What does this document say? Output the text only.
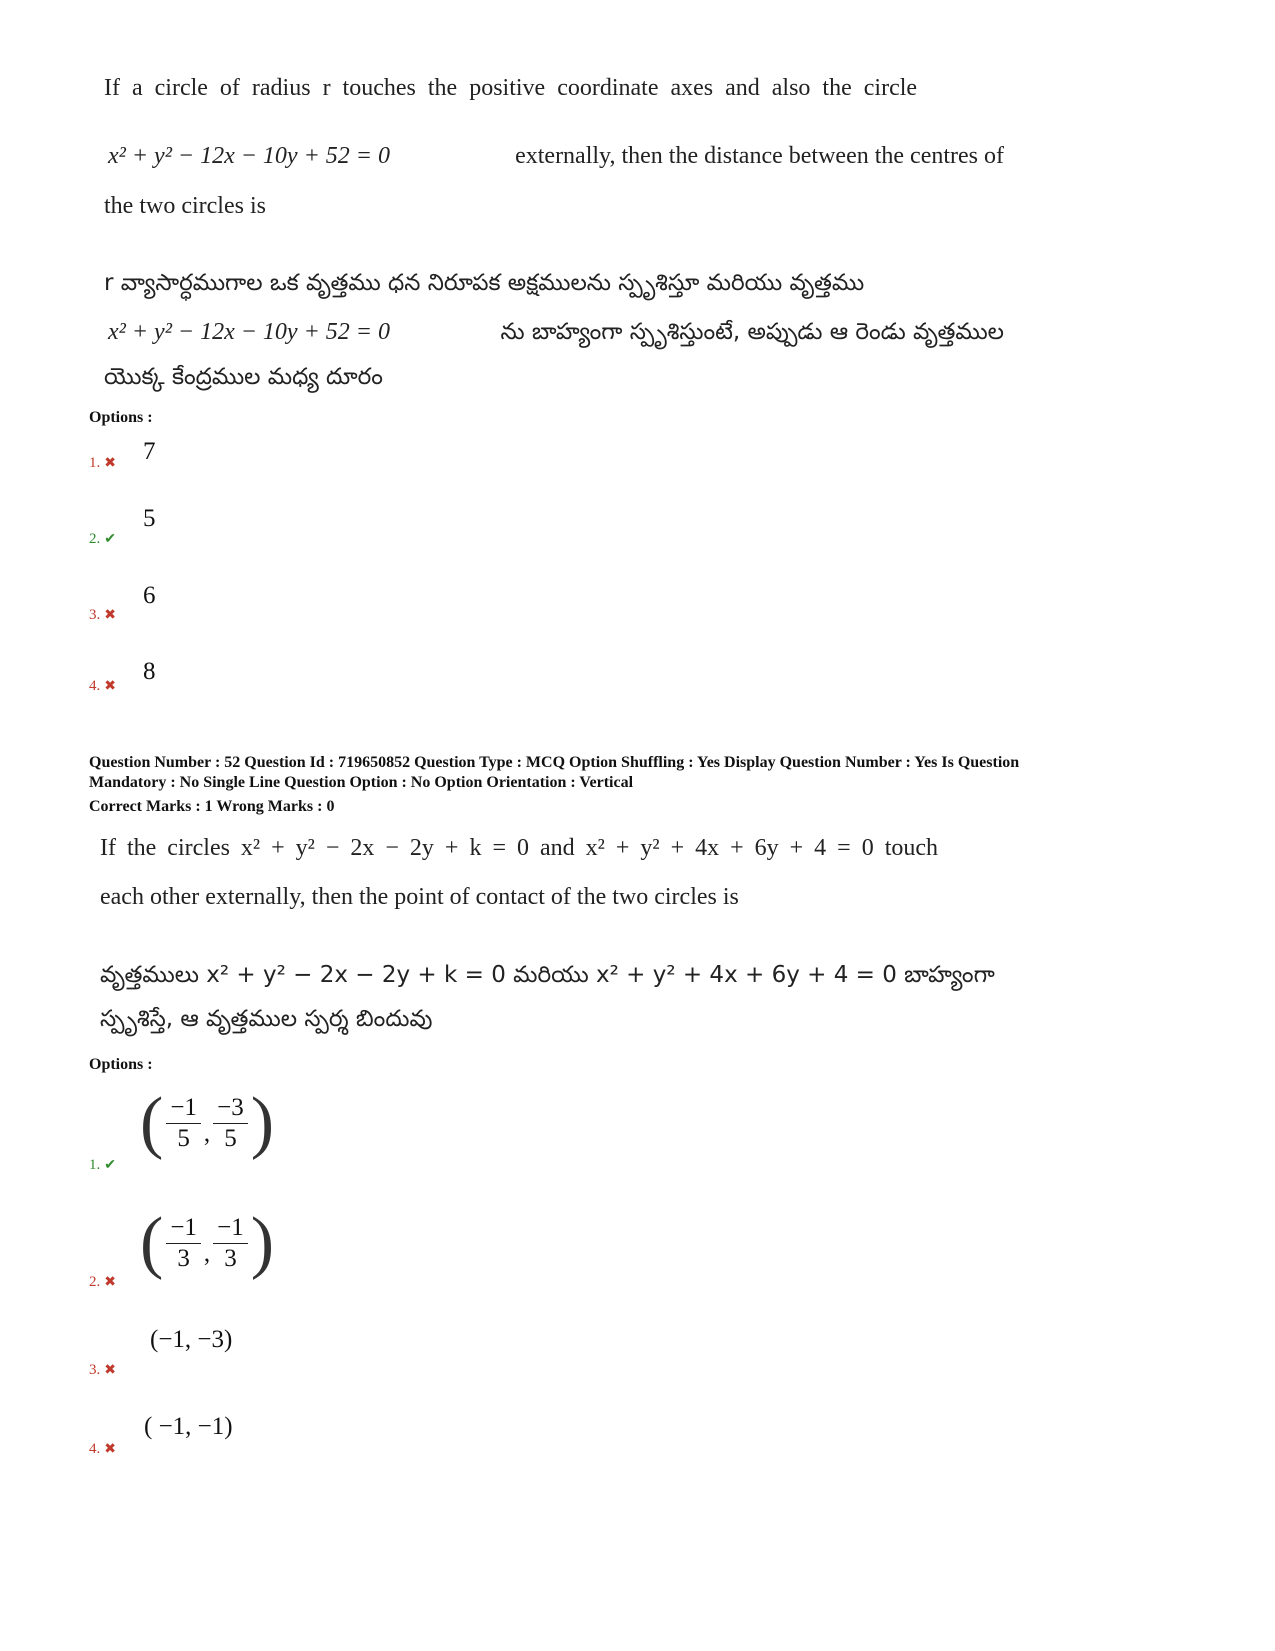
If a circle of radius r touches the positive coordinate axes and also the circle
x² + y² − 12x − 10y + 52 = 0	externally, then the distance between the centres of
the two circles is
r వ్యాసార్ధముగాల ఒక వృత్తము ధన నిరూపక అక్షములను స్పృశిస్తూ మరియు వృత్తము
x² + y² − 12x − 10y + 52 = 0	ను బాహ్యంగా స్పృశిస్తుంటే, అప్పుడు ఆ రెండు వృత్తముల
యొక్క కేంద్రముల మధ్య దూరం
Options :
1. ✖ 7
2. ✔
5
3. ✖
6
4. ✖
8
Question Number : 52 Question Id : 719650852 Question Type : MCQ Option Shuffling : Yes Display Question Number : Yes Is Question
Mandatory : No Single Line Question Option : No Option Orientation : Vertical
Correct Marks : 1 Wrong Marks : 0
If the circles x² + y² − 2x − 2y + k = 0 and x² + y² + 4x + 6y + 4 = 0 touch
each other externally, then the point of contact of the two circles is
వృత్తములు x² + y² − 2x − 2y + k = 0 మరియు x² + y² + 4x + 6y + 4 = 0 బాహ్యంగా
స్పృశిస్తే, ఆ వృత్తముల స్పర్శ బిందువు
Options :
1. ✔
( $\frac{-1}{5}$ , $\frac{-3}{5}$ )
2. ✖
( $\frac{-1}{3}$ , $\frac{-1}{3}$ )
3. ✖
(−1, −3)
4. ✖
( −1, −1)
